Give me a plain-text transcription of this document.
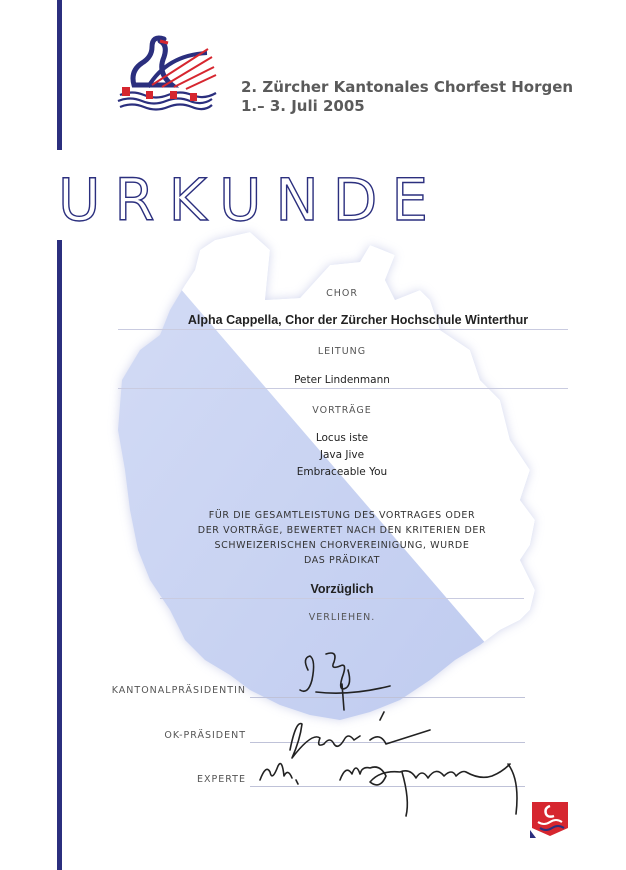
2. Zürcher Kantonales Chorfest Horgen
1.– 3. Juli 2005
URKUNDE
CHOR
Alpha Cappella, Chor der Zürcher Hochschule Winterthur
LEITUNG
Peter Lindenmann
VORTRÄGE
Locus iste
Java Jive
Embraceable You
FÜR DIE GESAMTLEISTUNG DES VORTRAGES ODER
DER VORTRÄGE, BEWERTET NACH DEN KRITERIEN DER
SCHWEIZERISCHEN CHORVEREINIGUNG, WURDE
DAS PRÄDIKAT
Vorzüglich
VERLIEHEN.
KANTONALPRÄSIDENTIN
OK-PRÄSIDENT
EXPERTE
